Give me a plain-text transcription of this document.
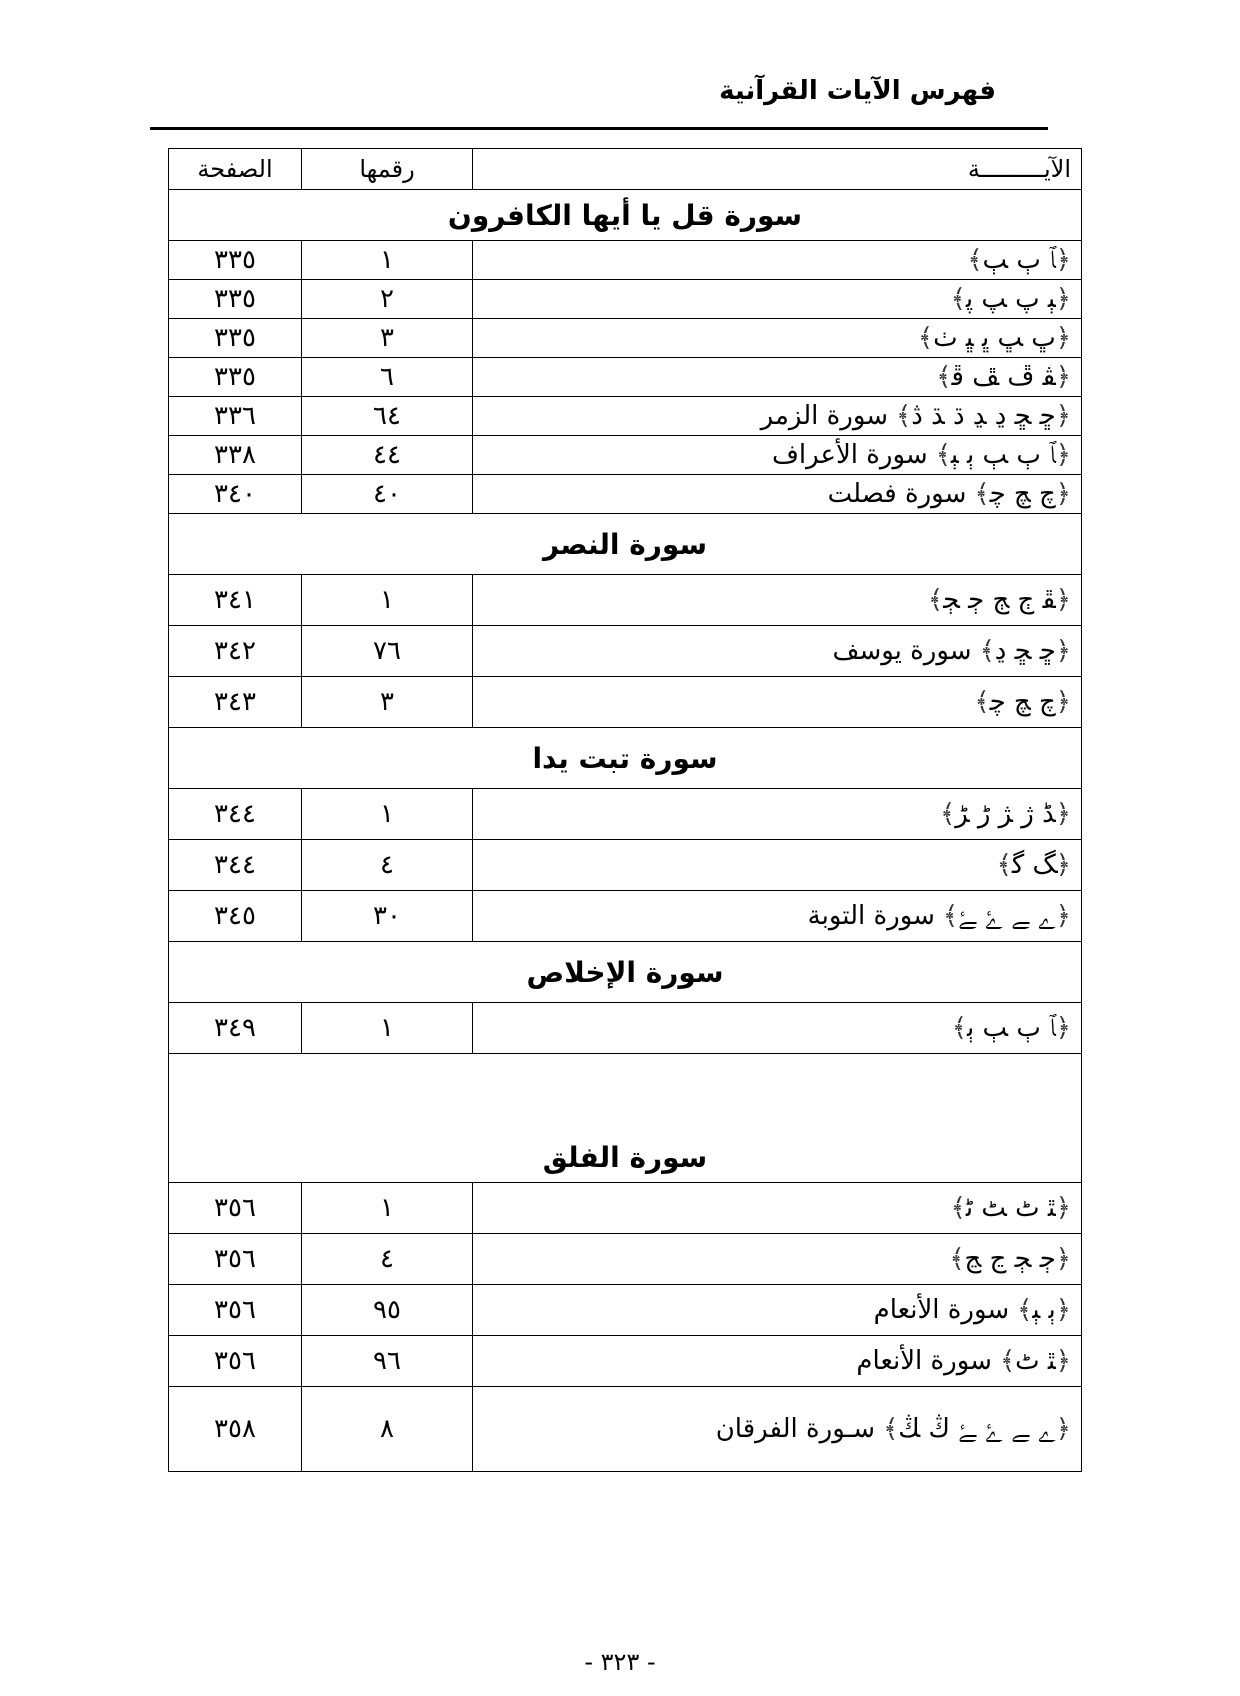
فهرس الآيات القرآنية
الآيـــــــــة	رقمها	الصفحة
سورة قل يا أيها الكافرون		
﴿ﭑ ﭒ ﭓ﴾	١	٣٣٥
﴿ﭕ ﭖ ﭗ ﭘ﴾	٢	٣٣٥
﴿ﭚ ﭛ ﭜ ﭝ ﭞ﴾	٣	٣٣٥
﴿ﭭ ﭮ ﭯ ﭰ﴾	٦	٣٣٥
﴿ﮀ ﮁ ﮂ ﮃ ﮄ ﮅ ﮆ﴾سورة الزمر	٦٤	٣٣٦
﴿ﭑ ﭒ ﭓ ﭔ ﭕ﴾سورة الأعراف	٤٤	٣٣٨
﴿ﭺ ﭻ ﭼ﴾سورة فصلت	٤٠	٣٤٠
سورة النصر		
﴿ﭱ ﭲ ﭳ ﭴ ﭵ﴾	١	٣٤١
﴿ﮀ ﮁ ﮂ﴾سورة يوسف	٧٦	٣٤٢
﴿ﭺ ﭻ ﭼ﴾	٣	٣٤٣
سورة تبت يدا		
﴿ﮉ ﮊ ﮋ ﮌ ﮍ﴾	١	٣٤٤
﴿ﮓ ﮔ﴾	٤	٣٤٤
﴿ﮮ ﮯ ﮰ ﮱ﴾سورة التوبة	٣٠	٣٤٥
سورة الإخلاص		
﴿ﭑ ﭒ ﭓ ﭔ﴾	١	٣٤٩
سورة الفلق		
﴿ﭥ ﭦ ﭧ ﭨ﴾	١	٣٥٦
﴿ﭴ ﭵ ﭶ ﭷ﴾	٤	٣٥٦
﴿ﭔ ﭕ﴾سورة الأنعام	٩٥	٣٥٦
﴿ﭥ ﭦ﴾سورة الأنعام	٩٦	٣٥٦
﴿ﮮ ﮯ ﮰ ﮱ ﯓ ﯔ﴾سـورة الفرقان	٨	٣٥٨
- ٣٢٣ -
